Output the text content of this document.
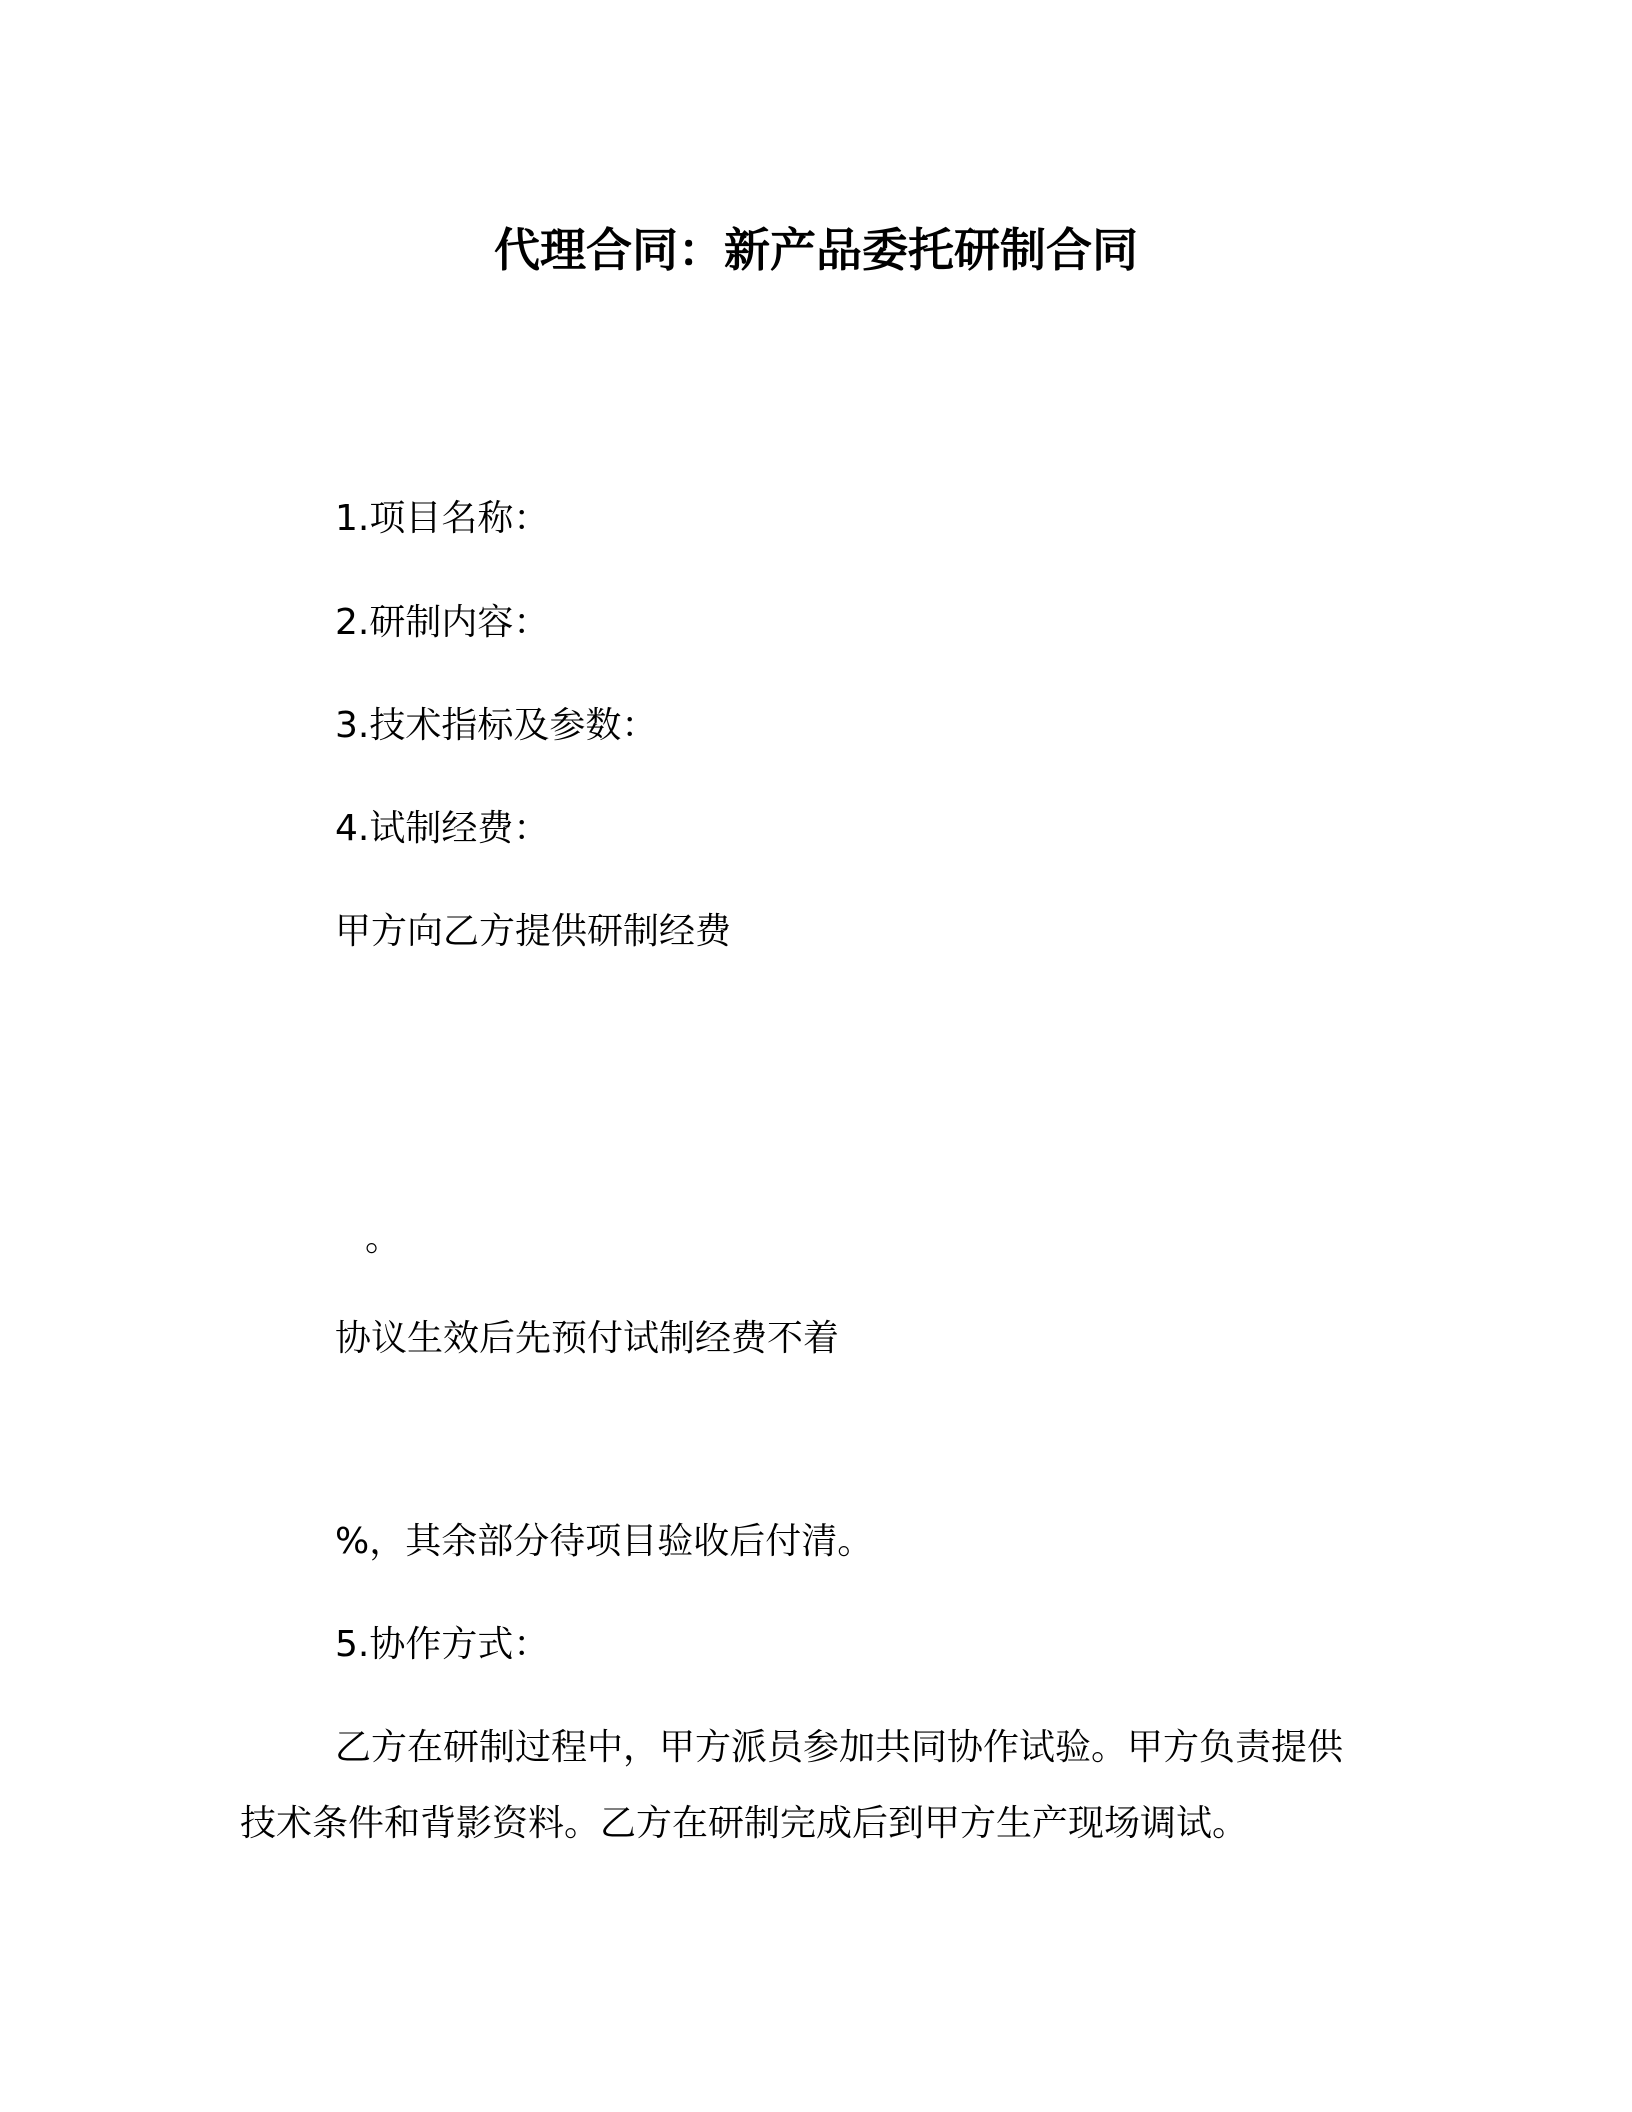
代理合同：新产品委托研制合同
1.项目名称：
2.研制内容：
3.技术指标及参数：
4.试制经费：
甲方向乙方提供研制经费
。
协议生效后先预付试制经费不着
%，其余部分待项目验收后付清。
5.协作方式：
乙方在研制过程中，甲方派员参加共同协作试验。甲方负责提供
技术条件和背影资料。乙方在研制完成后到甲方生产现场调试。
